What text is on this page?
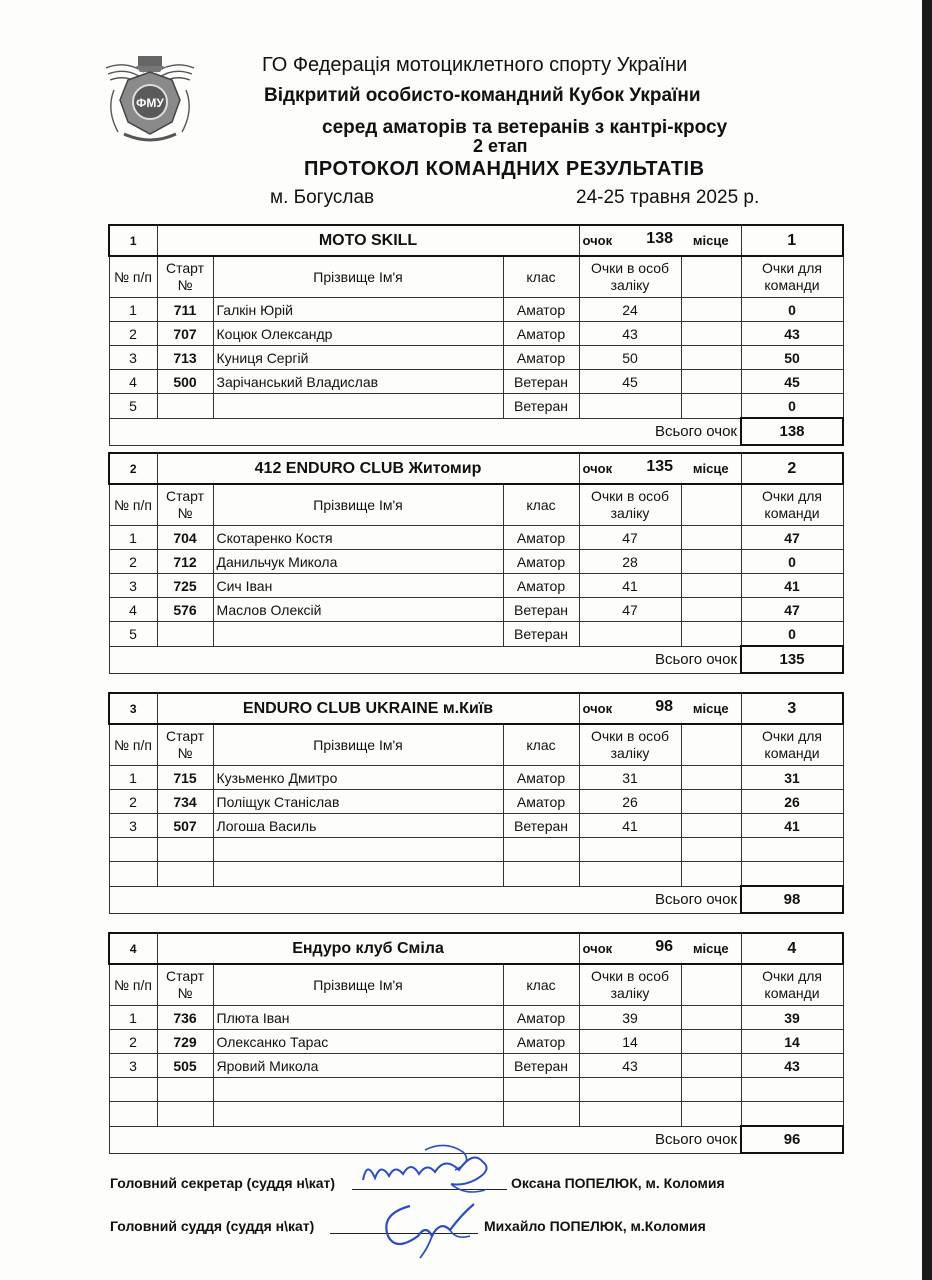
ФМУ
ГО Федерація мотоциклетного спорту України
Відкритий особисто-командний Кубок України
серед аматорів та ветеранів з кантрі-кросу
2 етап
ПРОТОКОЛ КОМАНДНИХ РЕЗУЛЬТАТІВ
м. Богуслав	24-25 травня 2025 р.
1	MOTO SKILL			очок 138	місце	1
№ п/п	Старт №	Прізвище Ім'я	клас	Очки в особ заліку		Очки для команди
1	711	Галкін Юрій	Аматор	24		0
2	707	Коцюк Олександр	Аматор	43		43
3	713	Куниця Сергій	Аматор	50		50
4	500	Зарічанський Владислав	Ветеран	45		45
5			Ветеран			0
Всього очок						138
2	412 ENDURO CLUB Житомир			очок 135	місце	2
№ п/п	Старт №	Прізвище Ім'я	клас	Очки в особ заліку		Очки для команди
1	704	Скотаренко Костя	Аматор	47		47
2	712	Данильчук Микола	Аматор	28		0
3	725	Сич Іван	Аматор	41		41
4	576	Маслов Олексій	Ветеран	47		47
5			Ветеран			0
Всього очок						135
3	ENDURO CLUB UKRAINE м.Київ			очок 98	місце	3
№ п/п	Старт №	Прізвище Ім'я	клас	Очки в особ заліку		Очки для команди
1	715	Кузьменко Дмитро	Аматор	31		31
2	734	Поліщук Станіслав	Аматор	26		26
3	507	Логоша Василь	Ветеран	41		41

Всього очок						98
4	Ендуро клуб Сміла			очок 96	місце	4
№ п/п	Старт №	Прізвище Ім'я	клас	Очки в особ заліку		Очки для команди
1	736	Плюта Іван	Аматор	39		39
2	729	Олексанко Тарас	Аматор	14		14
3	505	Яровий Микола	Ветеран	43		43

Всього очок						96
Головний секретар (суддя н\кат)	Оксана ПОПЕЛЮК, м. Коломия
Головний суддя (суддя н\кат)	Михайло ПОПЕЛЮК, м.Коломия
